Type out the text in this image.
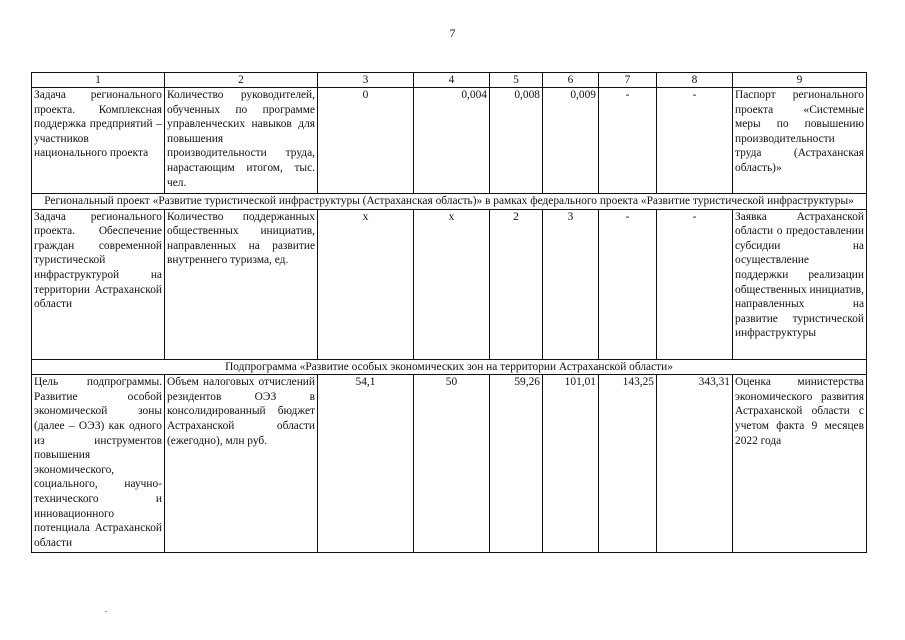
7
1	2	3	4	5	6	7	8	9
Задача регионального проекта. Комплексная поддержка предприятий – участников национального проекта	Количество руководителей, обученных по программе управленческих навыков для повышения производительности труда, нарастающим итогом, тыс. чел.	0	0,004	0,008	0,009	-	-	Паспорт регионального проекта «Системные меры по повышению производительности труда (Астраханская область)»
Региональный проект «Развитие туристической инфраструктуры (Астраханская область)» в рамках федерального проекта «Развитие туристической инфраструктуры»								
Задача регионального проекта. Обеспечение граждан современной туристической инфраструктурой на территории Астраханской области	Количество поддержанных общественных инициатив, направленных на развитие внутреннего туризма, ед.	х	х	2	3	-	-	Заявка Астраханской области о предоставлении субсидии на осуществление поддержки реализации общественных инициатив, направленных на развитие туристической инфраструктуры
Подпрограмма «Развитие особых экономических зон на территории Астраханской области»								
Цель подпрограммы. Развитие особой экономической зоны (далее – ОЭЗ) как одного из инструментов повышения экономического, социального, научно-технического и инновационного потенциала Астраханской области	Объем налоговых отчислений резидентов ОЭЗ в консолидированный бюджет Астраханской области (ежегодно), млн руб.	54,1	50	59,26	101,01	143,25	343,31	Оценка министерства экономического развития Астраханской области с учетом факта 9 месяцев 2022 года
